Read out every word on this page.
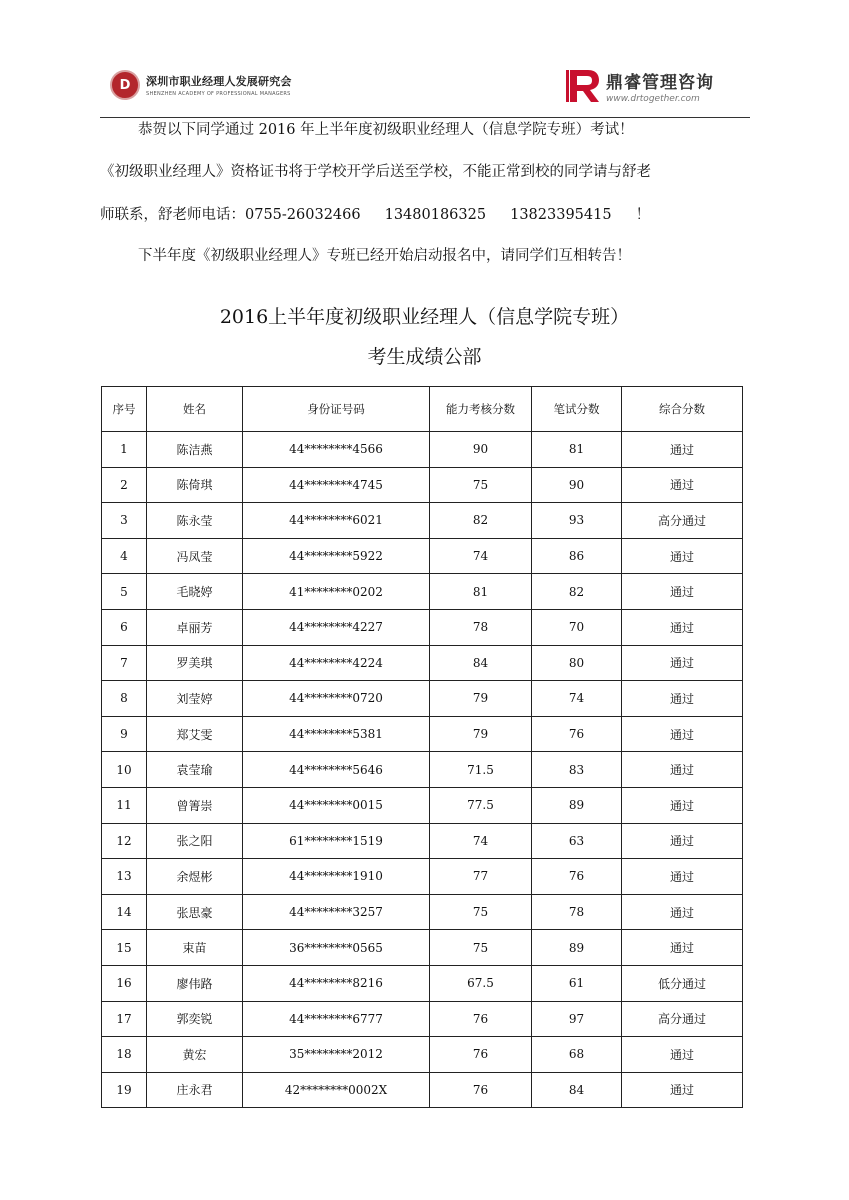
D	深圳市职业经理人发展研究会
SHENZHEN ACADEMY OF PROFESSIONAL MANAGERS
鼎睿管理咨询
www.drtogether.com
恭贺以下同学通过 2016 年上半年度初级职业经理人（信息学院专班）考试！
《初级职业经理人》资格证书将于学校开学后送至学校，不能正常到校的同学请与舒老
师联系，舒老师电话：0755-26032466 13480186325 13823395415 ！
下半年度《初级职业经理人》专班已经开始启动报名中，请同学们互相转告！
2016上半年度初级职业经理人（信息学院专班）
考生成绩公部
序号	姓名	身份证号码	能力考核分数	笔试分数	综合分数
1	陈洁燕	44********4566	90	81	通过
2	陈倚琪	44********4745	75	90	通过
3	陈永莹	44********6021	82	93	高分通过
4	冯凤莹	44********5922	74	86	通过
5	毛晓婷	41********0202	81	82	通过
6	卓丽芳	44********4227	78	70	通过
7	罗美琪	44********4224	84	80	通过
8	刘莹婷	44********0720	79	74	通过
9	郑艾雯	44********5381	79	76	通过
10	袁莹瑜	44********5646	71.5	83	通过
11	曾箐崇	44********0015	77.5	89	通过
12	张之阳	61********1519	74	63	通过
13	余煜彬	44********1910	77	76	通过
14	张思豪	44********3257	75	78	通过
15	束苗	36********0565	75	89	通过
16	廖伟路	44********8216	67.5	61	低分通过
17	郭奕锐	44********6777	76	97	高分通过
18	黄宏	35********2012	76	68	通过
19	庄永君	42********0002X	76	84	通过
